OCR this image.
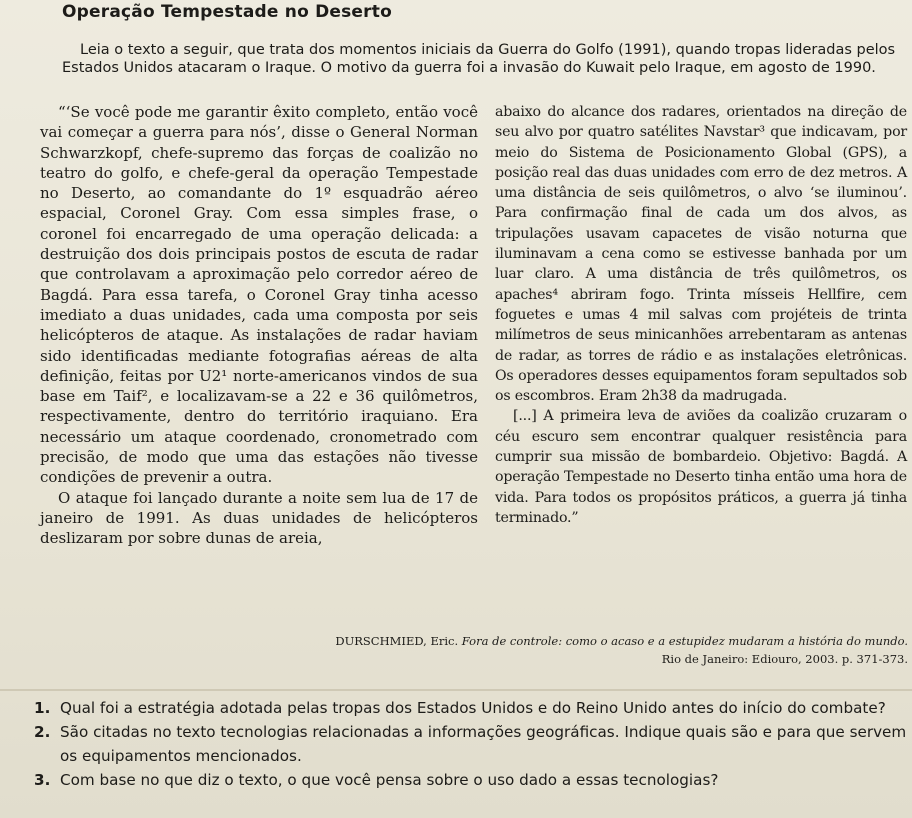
Operação Tempestade no Deserto
Leia o texto a seguir, que trata dos momentos iniciais da Guerra do Golfo (1991), quando tropas lideradas pelos Estados Unidos atacaram o Iraque. O motivo da guerra foi a invasão do Kuwait pelo Iraque, em agosto de 1990.

“‘Se você pode me garantir êxito completo, então você vai começar a guerra para nós’, disse o General Norman Schwarzkopf, chefe-supremo das forças de coalizão no teatro do golfo, e chefe-geral da operação Tempestade no Deserto, ao comandante do 1º esquadrão aéreo espacial, Coronel Gray. Com essa simples frase, o coronel foi encarregado de uma operação delicada: a destruição dos dois principais postos de escuta de radar que controlavam a aproximação pelo corredor aéreo de Bagdá. Para essa tarefa, o Coronel Gray tinha acesso imediato a duas unidades, cada uma composta por seis helicópteros de ataque. As instalações de radar haviam sido identificadas mediante fotografias aéreas de alta definição, feitas por U2¹ norte-americanos vindos de sua base em Taif², e localizavam-se a 22 e 36 quilômetros, respectivamente, dentro do território iraquiano. Era necessário um ataque coordenado, cronometrado com precisão, de modo que uma das estações não tivesse condições de prevenir a outra.

O ataque foi lançado durante a noite sem lua de 17 de janeiro de 1991. As duas unidades de helicópteros deslizaram por sobre dunas de areia,

abaixo do alcance dos radares, orientados na direção de seu alvo por quatro satélites Navstar³ que indicavam, por meio do Sistema de Posicionamento Global (GPS), a posição real das duas unidades com erro de dez metros. A uma distância de seis quilômetros, o alvo ‘se iluminou’. Para confirmação final de cada um dos alvos, as tripulações usavam capacetes de visão noturna que iluminavam a cena como se estivesse banhada por um luar claro. A uma distância de três quilômetros, os apaches⁴ abriram fogo. Trinta mísseis Hellfire, cem foguetes e umas 4 mil salvas com projéteis de trinta milímetros de seus minicanhões arrebentaram as antenas de radar, as torres de rádio e as instalações eletrônicas. Os operadores desses equipamentos foram sepultados sob os escombros. Eram 2h38 da madrugada.

[...] A primeira leva de aviões da coalizão cruzaram o céu escuro sem encontrar qualquer resistência para cumprir sua missão de bombardeio. Objetivo: Bagdá. A operação Tempestade no Deserto tinha então uma hora de vida. Para todos os propósitos práticos, a guerra já tinha terminado.”

DURSCHMIED, Eric. Fora de controle: como o acaso e a estupidez mudaram a história do mundo.
Rio de Janeiro: Ediouro, 2003. p. 371-373.
1. Qual foi a estratégia adotada pelas tropas dos Estados Unidos e do Reino Unido antes do início do combate?
2. São citadas no texto tecnologias relacionadas a informações geográficas. Indique quais são e para que servem os equipamentos mencionados.
3. Com base no que diz o texto, o que você pensa sobre o uso dado a essas tecnologias?
